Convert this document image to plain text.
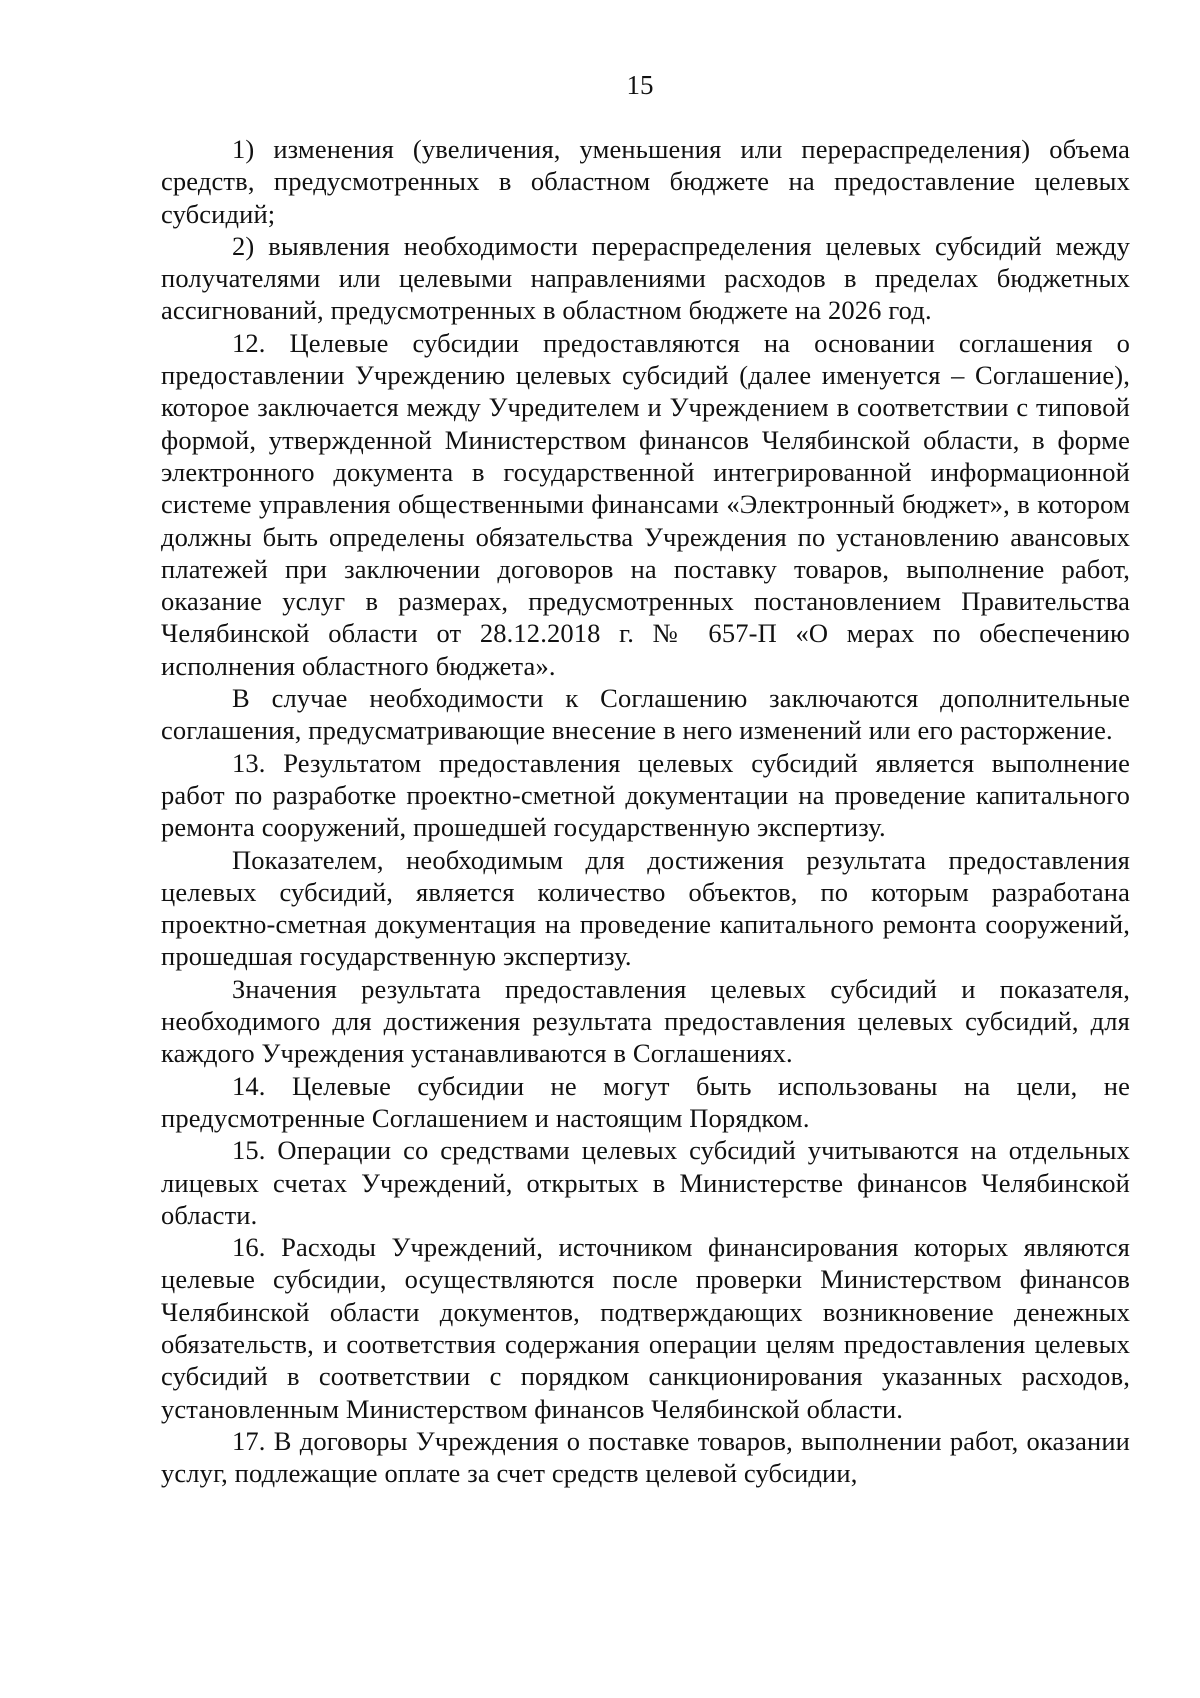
15

1) изменения (увеличения, уменьшения или перераспределения) объема средств, предусмотренных в областном бюджете на предоставление целевых субсидий;

2) выявления необходимости перераспределения целевых субсидий между получателями или целевыми направлениями расходов в пределах бюджетных ассигнований, предусмотренных в областном бюджете на 2026 год.

12. Целевые субсидии предоставляются на основании соглашения о предоставлении Учреждению целевых субсидий (далее именуется – Соглашение), которое заключается между Учредителем и Учреждением в соответствии с типовой формой, утвержденной Министерством финансов Челябинской области, в форме электронного документа в государственной интегрированной информационной системе управления общественными финансами «Электронный бюджет», в котором должны быть определены обязательства Учреждения по установлению авансовых платежей при заключении договоров на поставку товаров, выполнение работ, оказание услуг в размерах, предусмотренных постановлением Правительства Челябинской области от 28.12.2018 г. № 657-П «О мерах по обеспечению исполнения областного бюджета».

В случае необходимости к Соглашению заключаются дополнительные соглашения, предусматривающие внесение в него изменений или его расторжение.

13. Результатом предоставления целевых субсидий является выполнение работ по разработке проектно-сметной документации на проведение капитального ремонта сооружений, прошедшей государственную экспертизу.

Показателем, необходимым для достижения результата предоставления целевых субсидий, является количество объектов, по которым разработана проектно-сметная документация на проведение капитального ремонта сооружений, прошедшая государственную экспертизу.

Значения результата предоставления целевых субсидий и показателя, необходимого для достижения результата предоставления целевых субсидий, для каждого Учреждения устанавливаются в Соглашениях.

14. Целевые субсидии не могут быть использованы на цели, не предусмотренные Соглашением и настоящим Порядком.

15. Операции со средствами целевых субсидий учитываются на отдельных лицевых счетах Учреждений, открытых в Министерстве финансов Челябинской области.

16. Расходы Учреждений, источником финансирования которых являются целевые субсидии, осуществляются после проверки Министерством финансов Челябинской области документов, подтверждающих возникновение денежных обязательств, и соответствия содержания операции целям предоставления целевых субсидий в соответствии с порядком санкционирования указанных расходов, установленным Министерством финансов Челябинской области.

17. В договоры Учреждения о поставке товаров, выполнении работ, оказании услуг, подлежащие оплате за счет средств целевой субсидии,
